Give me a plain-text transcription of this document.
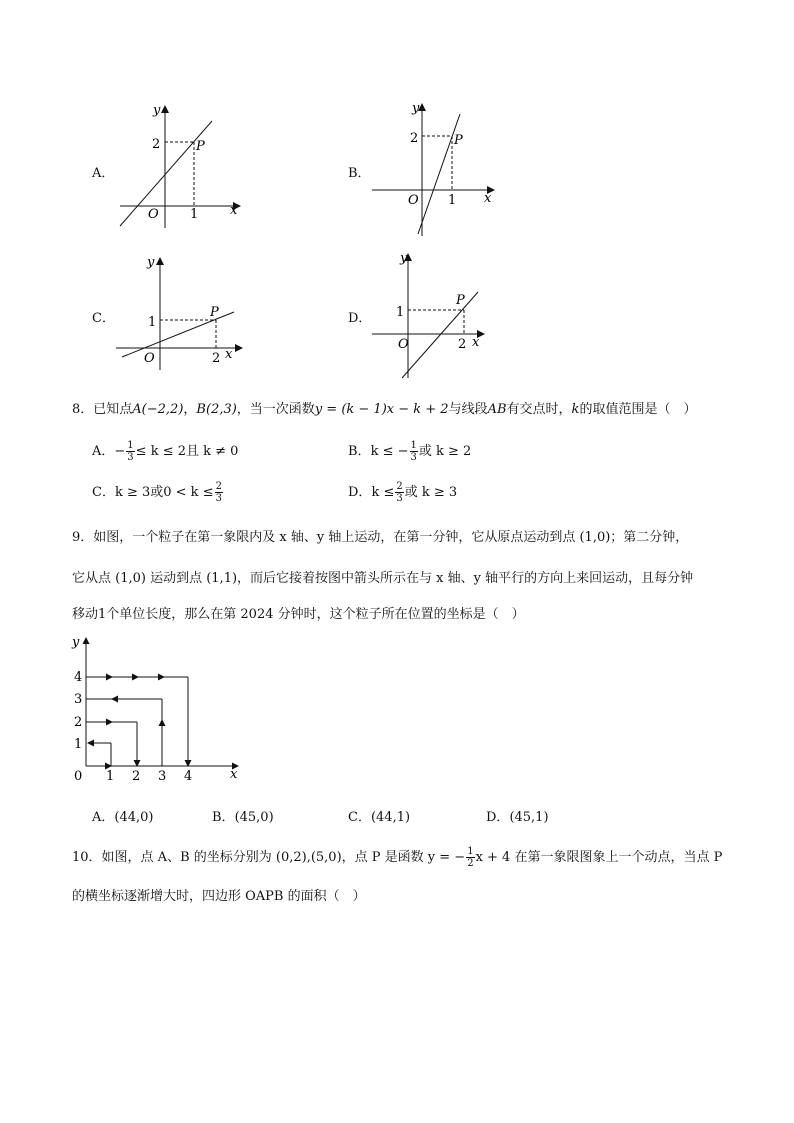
A．
2	P
1
O	x
y
B．
2	P
1
O	x
y
C．	1
P
2
O	x
y
D． 1
P
2
O	x
y
8．已知点A(−2,2)，B(2,3)，当一次函数y = (k − 1)x − k + 2与线段AB有交点时，k的取值范围是（　）
A．− $\frac{1}{3} \le k \le 2$且 k ≠ 0	B．k ≤ − $\frac{1}{3}$ 或 k ≥ 2
C．k ≥ 3或$0 < k \le \frac{2}{3}$	D．$k \le \frac{2}{3}$ 或 k ≥ 3
9．如图，一个粒子在第一象限内及 x 轴、y 轴上运动，在第一分钟，它从原点运动到点 (1,0)；第二分钟，
它从点 (1,0) 运动到点 (1,1)，而后它接着按图中箭头所示在与 x 轴、y 轴平行的方向上来回运动，且每分钟
移动1个单位长度，那么在第 2024 分钟时，这个粒子所在位置的坐标是（　）
y
x
0 1 2 3 4
1
2
3
4
A．(44,0)	B．(45,0)	C．(44,1)	D．(45,1)
10．如图，点 A、B 的坐标分别为 (0,2),(5,0)，点 P 是函数 y = − $\frac{1}{2}$ x + 4 在第一象限图象上一个动点，当点 P
的横坐标逐渐增大时，四边形 OAPB 的面积（　）
